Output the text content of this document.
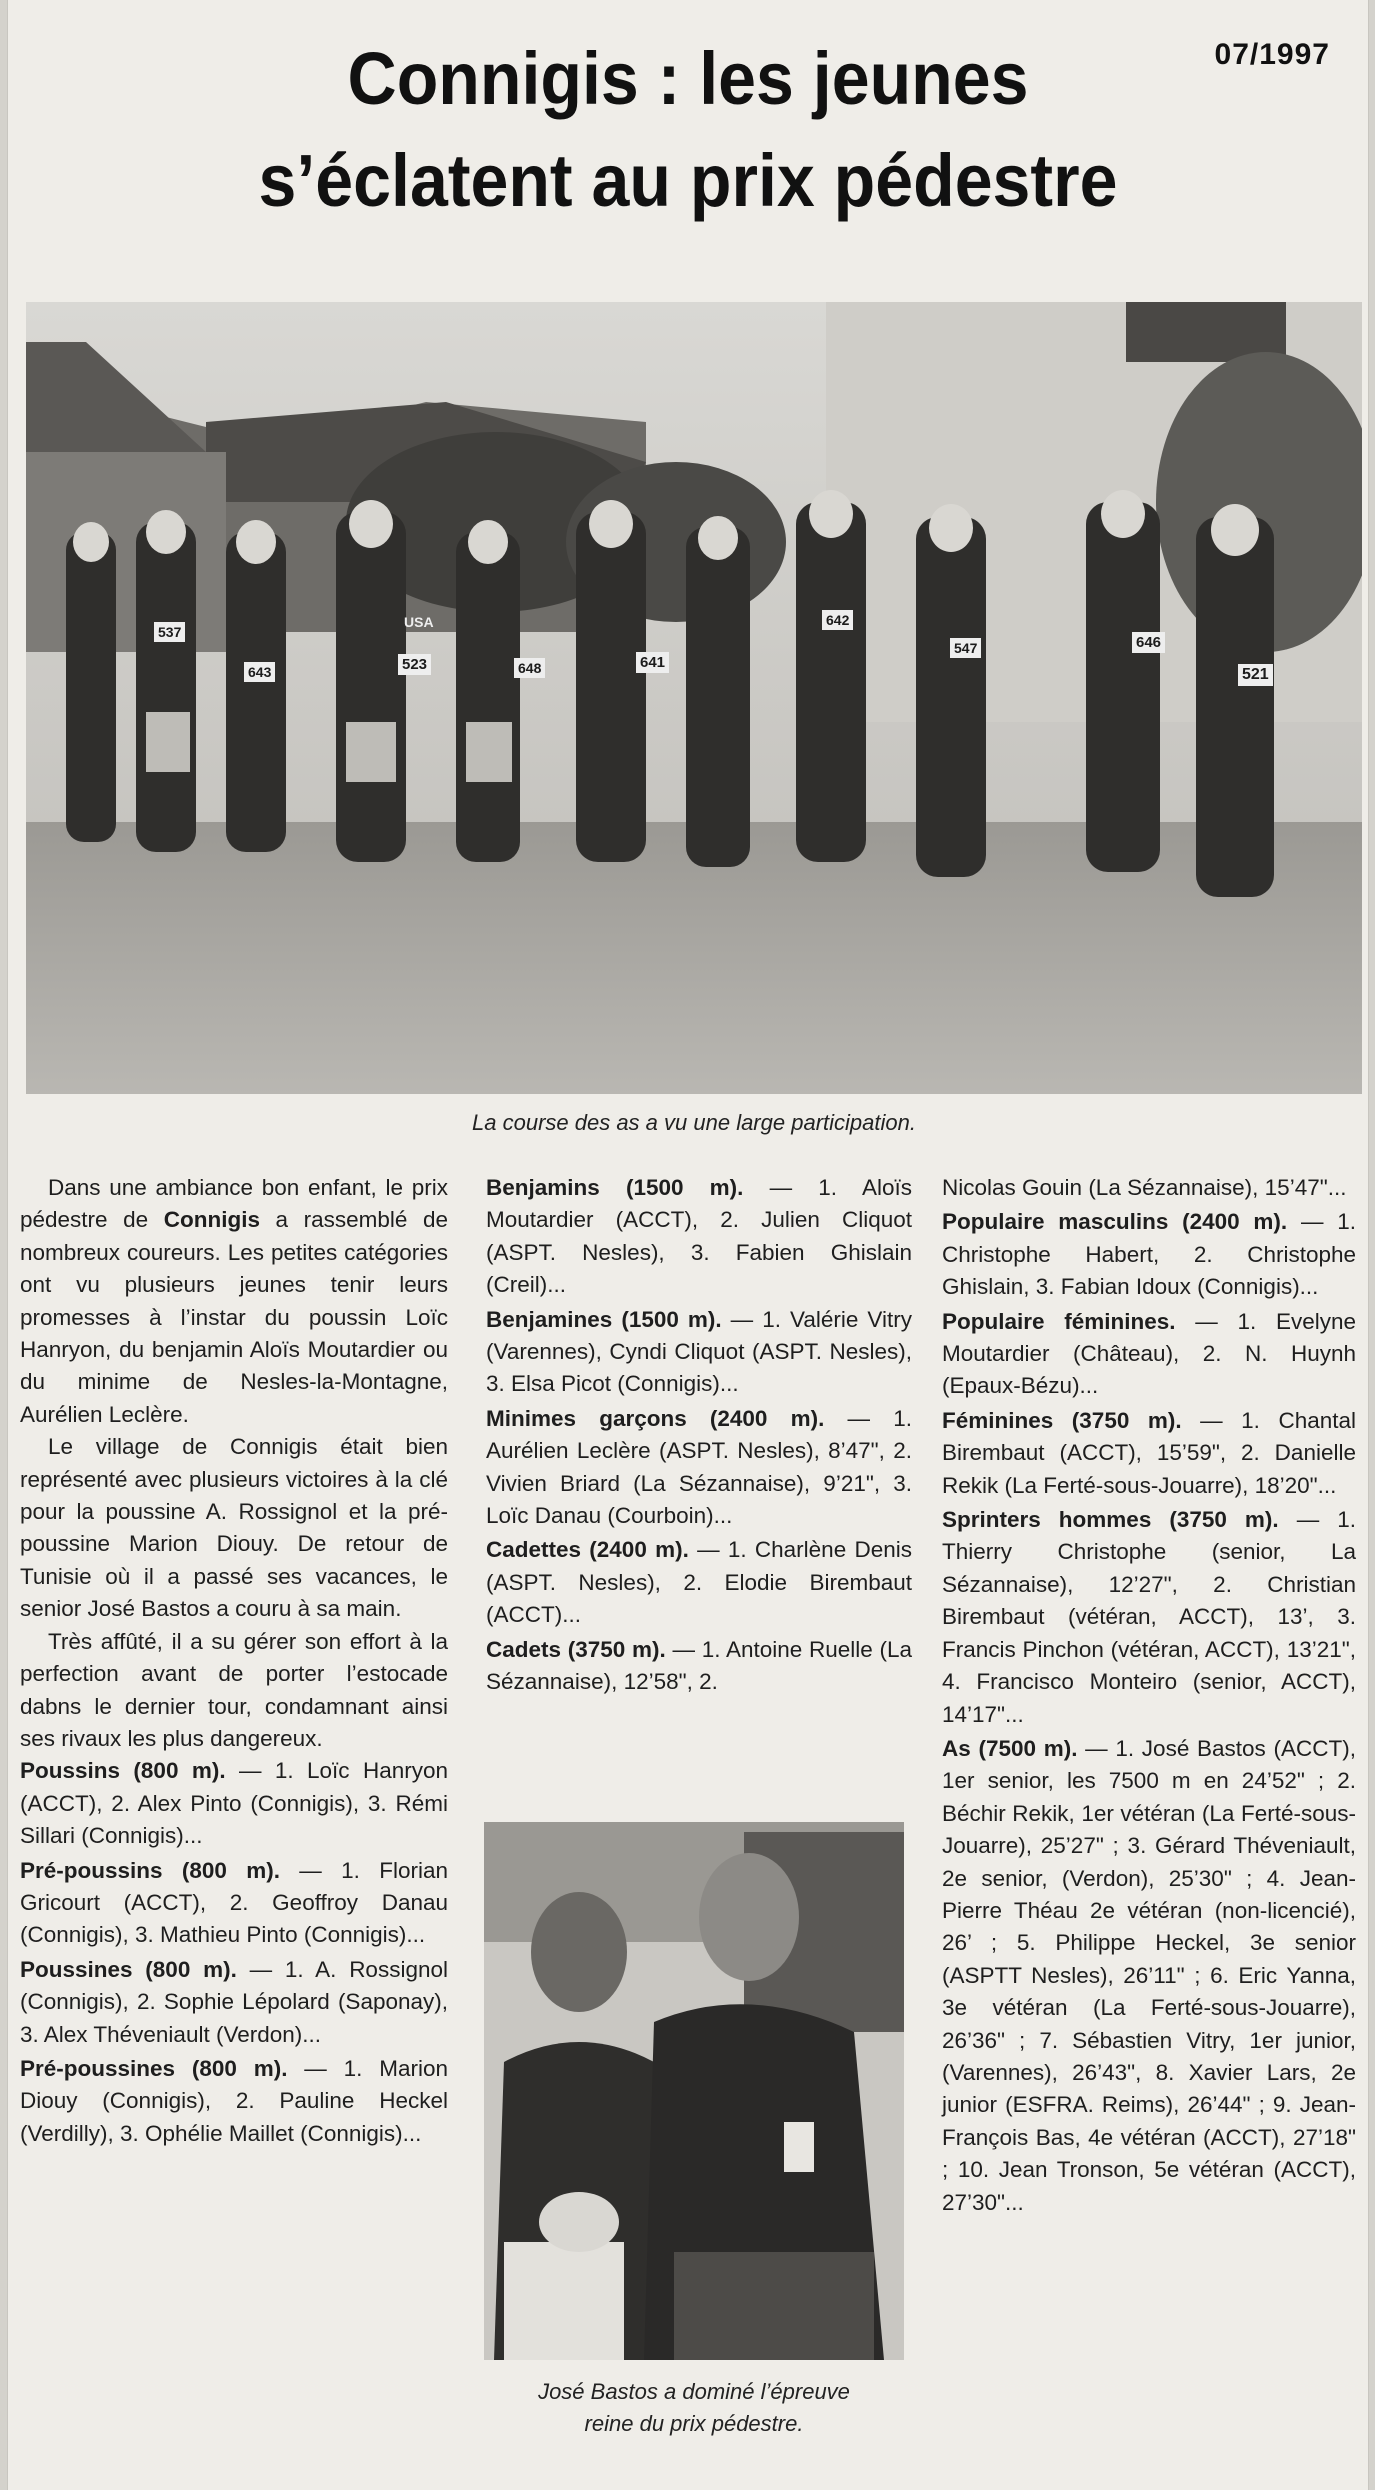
07/1997
Connigis : les jeunes
s’éclatent au prix pédestre
537
643
USA
523	648	641
642
547	646
521
La course des as a vu une large participation.

Dans une ambiance bon enfant, le prix pédestre de Connigis a rassemblé de nombreux coureurs. Les petites catégories ont vu plusieurs jeunes tenir leurs promesses à l’instar du poussin Loïc Hanryon, du benjamin Aloïs Moutardier ou du minime de Nesles-la-Montagne, Aurélien Leclère.

Le village de Connigis était bien représenté avec plusieurs victoires à la clé pour la poussine A. Rossignol et la pré-poussine Marion Diouy. De retour de Tunisie où il a passé ses vacances, le senior José Bastos a couru à sa main.

Très affûté, il a su gérer son effort à la perfection avant de porter l’estocade dabns le dernier tour, condamnant ainsi ses rivaux les plus dangereux.

Poussins (800 m). — 1. Loïc Hanryon (ACCT), 2. Alex Pinto (Connigis), 3. Rémi Sillari (Connigis)...
Pré-poussins (800 m). — 1. Florian Gricourt (ACCT), 2. Geoffroy Danau (Connigis), 3. Mathieu Pinto (Connigis)...
Poussines (800 m). — 1. A. Rossignol (Connigis), 2. Sophie Lépolard (Saponay), 3. Alex Théveniault (Verdon)...
Pré-poussines (800 m). — 1. Marion Diouy (Connigis), 2. Pauline Heckel (Verdilly), 3. Ophélie Maillet (Connigis)...
Benjamins (1500 m). — 1. Aloïs Moutardier (ACCT), 2. Julien Cliquot (ASPT. Nesles), 3. Fabien Ghislain (Creil)...
Benjamines (1500 m). — 1. Valérie Vitry (Varennes), Cyndi Cliquot (ASPT. Nesles), 3. Elsa Picot (Connigis)...
Minimes garçons (2400 m). — 1. Aurélien Leclère (ASPT. Nesles), 8’47", 2. Vivien Briard (La Sézannaise), 9’21", 3. Loïc Danau (Courboin)...
Cadettes (2400 m). — 1. Charlène Denis (ASPT. Nesles), 2. Elodie Birembaut (ACCT)...
Cadets (3750 m). — 1. Antoine Ruelle (La Sézannaise), 12’58", 2.
José Bastos a dominé l’épreuve
reine du prix pédestre.
Nicolas Gouin (La Sézannaise), 15’47"...
Populaire masculins (2400 m). — 1. Christophe Habert, 2. Christophe Ghislain, 3. Fabian Idoux (Connigis)...
Populaire féminines. — 1. Evelyne Moutardier (Château), 2. N. Huynh (Epaux-Bézu)...
Féminines (3750 m). — 1. Chantal Birembaut (ACCT), 15’59", 2. Danielle Rekik (La Ferté-sous-Jouarre), 18’20"...
Sprinters hommes (3750 m). — 1. Thierry Christophe (senior, La Sézannaise), 12’27", 2. Christian Birembaut (vétéran, ACCT), 13’, 3. Francis Pinchon (vétéran, ACCT), 13’21", 4. Francisco Monteiro (senior, ACCT), 14’17"...
As (7500 m). — 1. José Bastos (ACCT), 1er senior, les 7500 m en 24’52" ; 2. Béchir Rekik, 1er vétéran (La Ferté-sous-Jouarre), 25’27" ; 3. Gérard Théveniault, 2e senior, (Verdon), 25’30" ; 4. Jean-Pierre Théau 2e vétéran (non-licencié), 26’ ; 5. Philippe Heckel, 3e senior (ASPTT Nesles), 26’11" ; 6. Eric Yanna, 3e vétéran (La Ferté-sous-Jouarre), 26’36" ; 7. Sébastien Vitry, 1er junior, (Varennes), 26’43", 8. Xavier Lars, 2e junior (ESFRA. Reims), 26’44" ; 9. Jean-François Bas, 4e vétéran (ACCT), 27’18" ; 10. Jean Tronson, 5e vétéran (ACCT), 27’30"...
